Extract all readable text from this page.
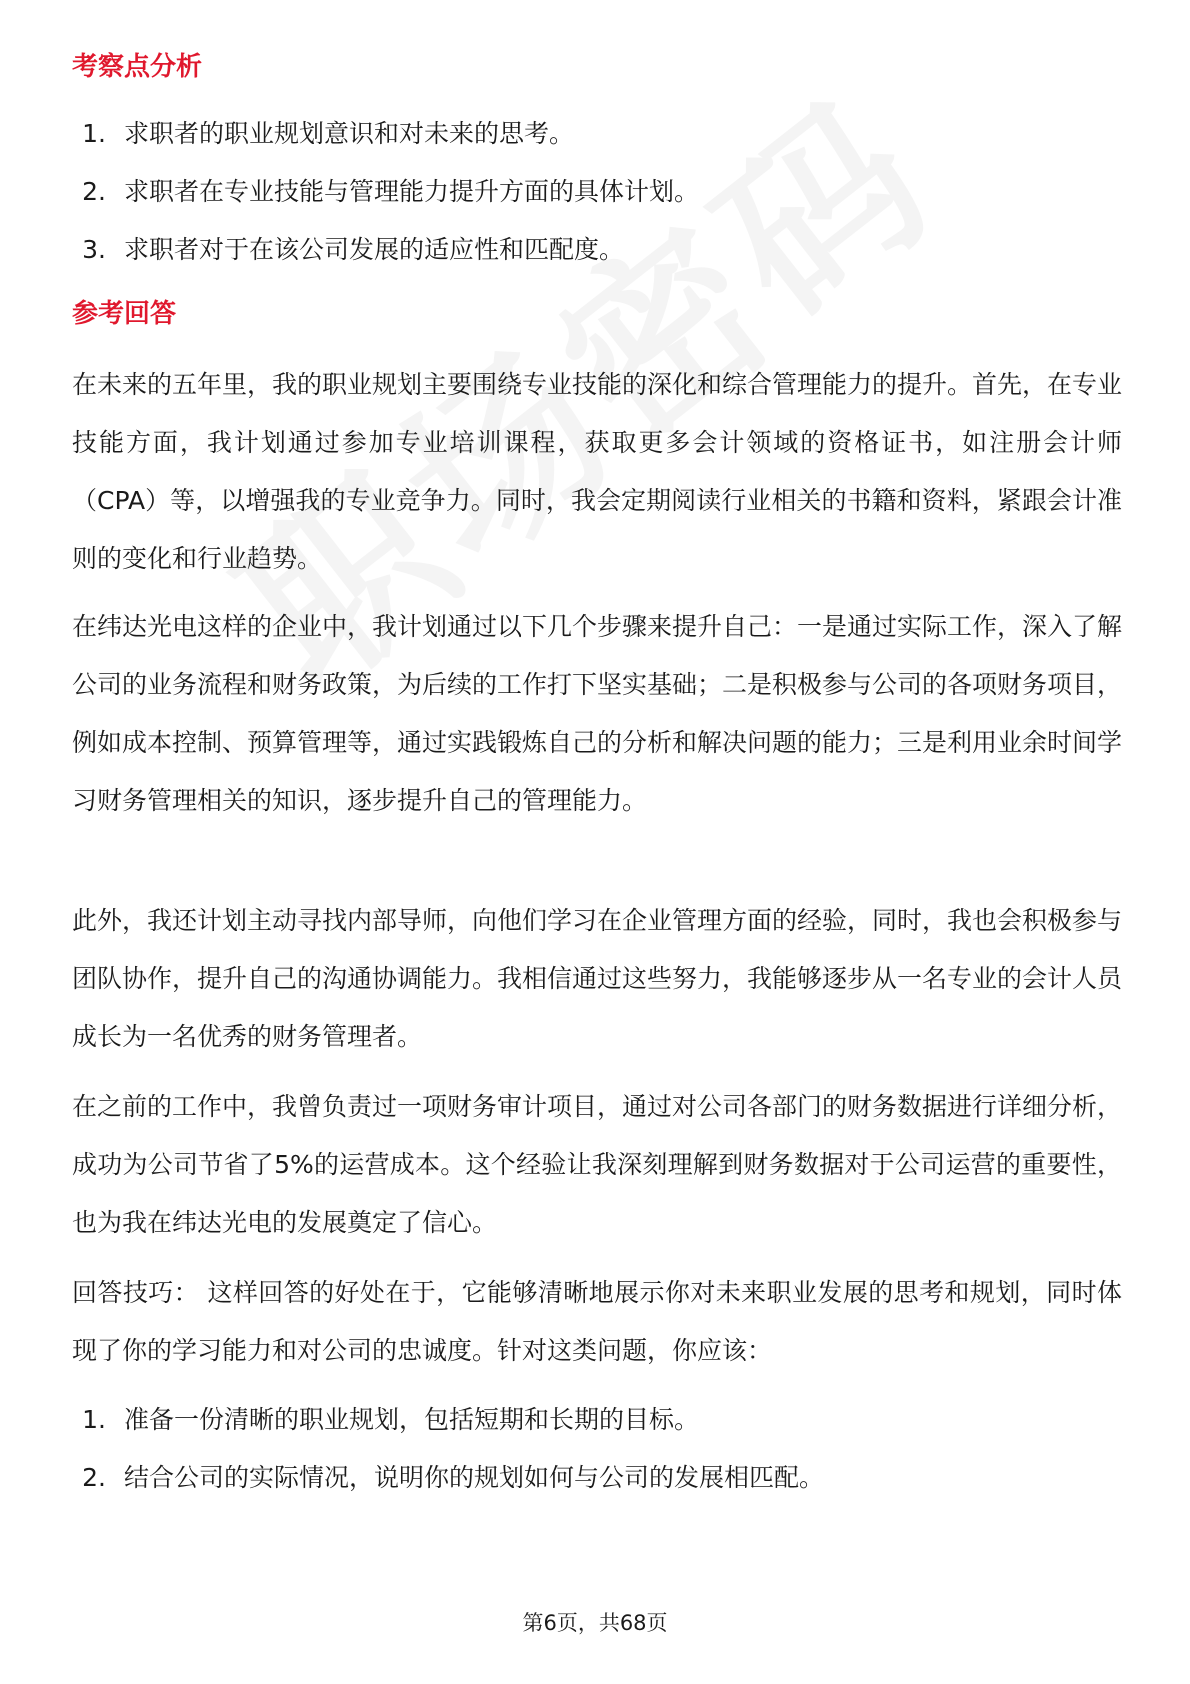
考察点分析
1. 求职者的职业规划意识和对未来的思考。
2. 求职者在专业技能与管理能力提升方面的具体计划。
3. 求职者对于在该公司发展的适应性和匹配度。
参考回答

在未来的五年里，我的职业规划主要围绕专业技能的深化和综合管理能力的提升。首先，在专业技能方面，我计划通过参加专业培训课程，获取更多会计领域的资格证书，如注册会计师（CPA）等，以增强我的专业竞争力。同时，我会定期阅读行业相关的书籍和资料，紧跟会计准则的变化和行业趋势。

在纬达光电这样的企业中，我计划通过以下几个步骤来提升自己：一是通过实际工作，深入了解公司的业务流程和财务政策，为后续的工作打下坚实基础；二是积极参与公司的各项财务项目，例如成本控制、预算管理等，通过实践锻炼自己的分析和解决问题的能力；三是利用业余时间学习财务管理相关的知识，逐步提升自己的管理能力。

此外，我还计划主动寻找内部导师，向他们学习在企业管理方面的经验，同时，我也会积极参与团队协作，提升自己的沟通协调能力。我相信通过这些努力，我能够逐步从一名专业的会计人员成长为一名优秀的财务管理者。

在之前的工作中，我曾负责过一项财务审计项目，通过对公司各部门的财务数据进行详细分析，成功为公司节省了5%的运营成本。这个经验让我深刻理解到财务数据对于公司运营的重要性，也为我在纬达光电的发展奠定了信心。

回答技巧： 这样回答的好处在于，它能够清晰地展示你对未来职业发展的思考和规划，同时体现了你的学习能力和对公司的忠诚度。针对这类问题，你应该：

1. 准备一份清晰的职业规划，包括短期和长期的目标。
2. 结合公司的实际情况，说明你的规划如何与公司的发展相匹配。
第6页，共68页
